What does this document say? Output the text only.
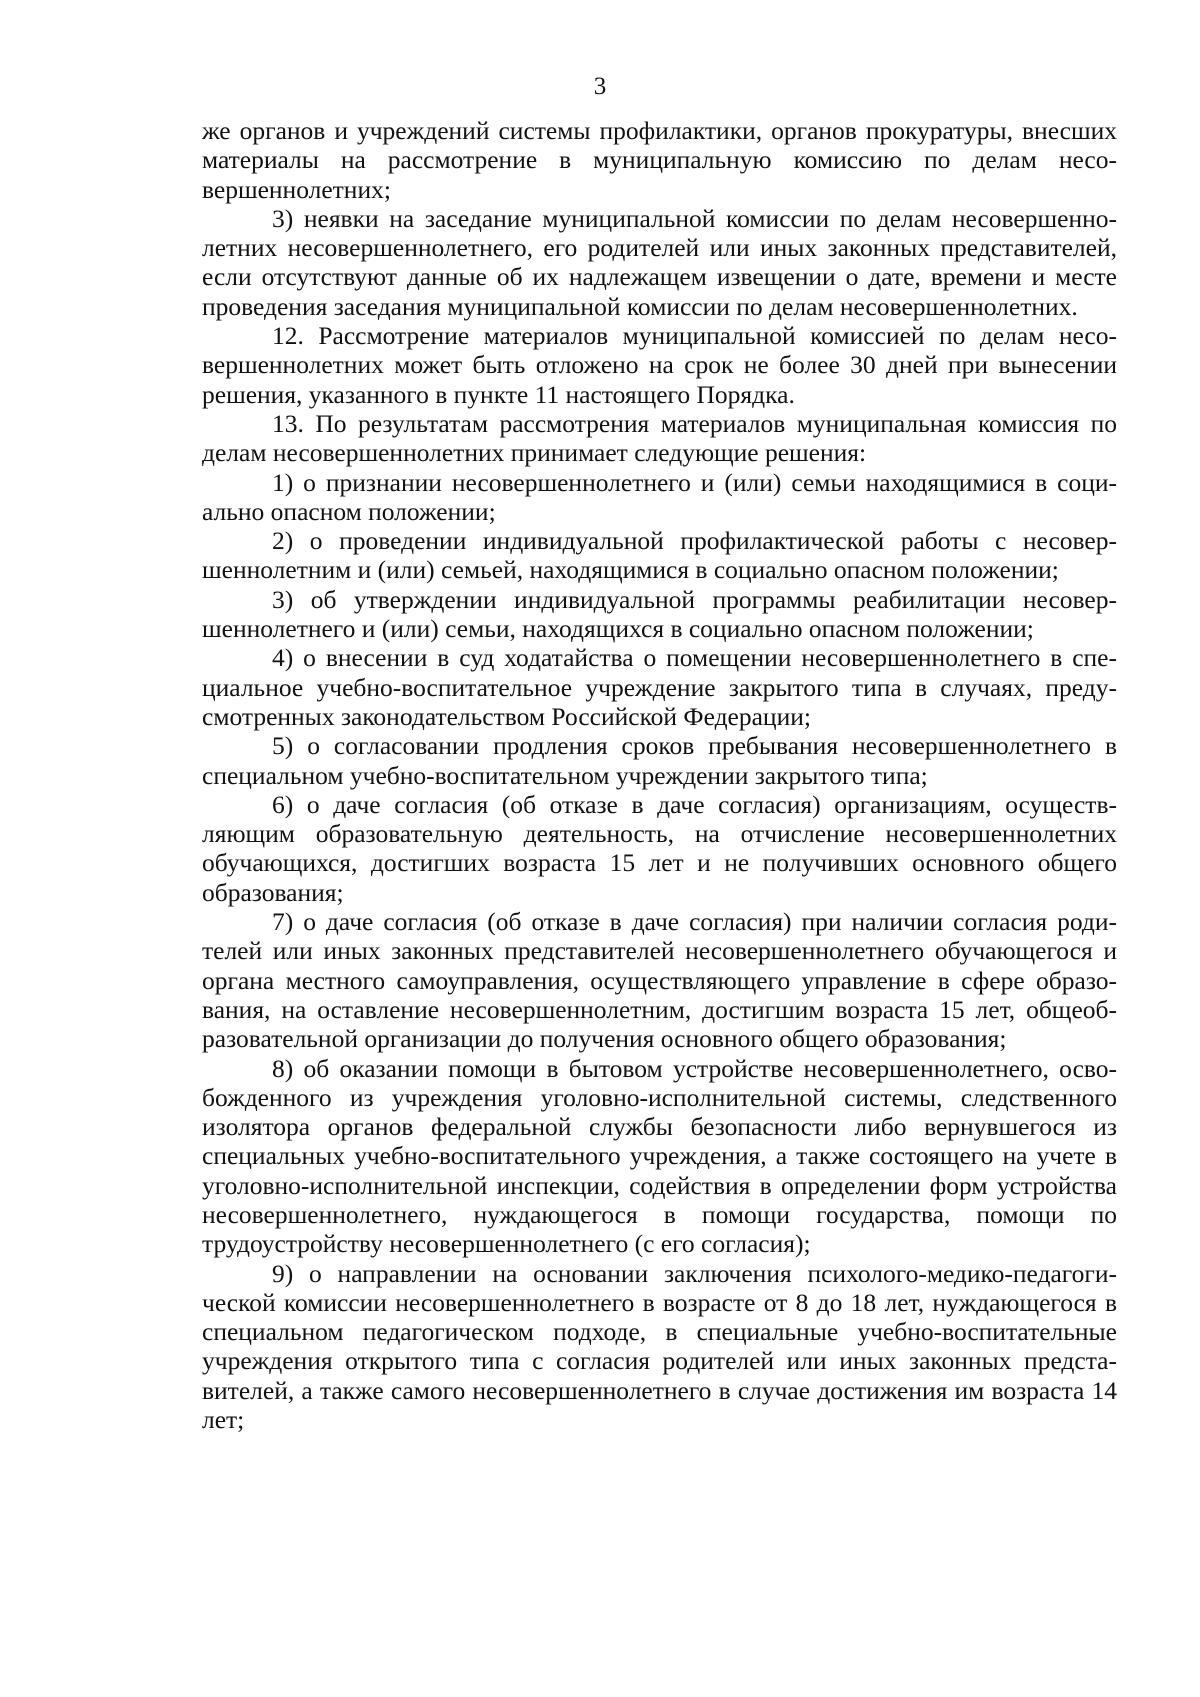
3

же органов и учреждений системы профилактики, органов прокуратуры, внесших материалы на рассмотрение в муниципальную комиссию по делам несовершеннолетних;

3) неявки на заседание муниципальной комиссии по делам несовершеннолетних несовершеннолетнего, его родителей или иных законных представителей, если отсутствуют данные об их надлежащем извещении о дате, времени и месте проведения заседания муниципальной комиссии по делам несовершеннолетних.

12. Рассмотрение материалов муниципальной комиссией по делам несовершеннолетних может быть отложено на срок не более 30 дней при вынесении решения, указанного в пункте 11 настоящего Порядка.

13. По результатам рассмотрения материалов муниципальная комиссия по делам несовершеннолетних принимает следующие решения:

1) о признании несовершеннолетнего и (или) семьи находящимися в социально опасном положении;

2) о проведении индивидуальной профилактической работы с несовершеннолетним и (или) семьей, находящимися в социально опасном положении;

3) об утверждении индивидуальной программы реабилитации несовершеннолетнего и (или) семьи, находящихся в социально опасном положении;

4) о внесении в суд ходатайства о помещении несовершеннолетнего в специальное учебно-воспитательное учреждение закрытого типа в случаях, предусмотренных законодательством Российской Федерации;

5) о согласовании продления сроков пребывания несовершеннолетнего в специальном учебно-воспитательном учреждении закрытого типа;

6) о даче согласия (об отказе в даче согласия) организациям, осуществляющим образовательную деятельность, на отчисление несовершеннолетних обучающихся, достигших возраста 15 лет и не получивших основного общего образования;

7) о даче согласия (об отказе в даче согласия) при наличии согласия родителей или иных законных представителей несовершеннолетнего обучающегося и органа местного самоуправления, осуществляющего управление в сфере образования, на оставление несовершеннолетним, достигшим возраста 15 лет, общеобразовательной организации до получения основного общего образования;

8) об оказании помощи в бытовом устройстве несовершеннолетнего, освобожденного из учреждения уголовно-исполнительной системы, следственного изолятора органов федеральной службы безопасности либо вернувшегося из специальных учебно-воспитательного учреждения, а также состоящего на учете в уголовно-исполнительной инспекции, содействия в определении форм устройства несовершеннолетнего, нуждающегося в помощи государства, помощи по трудоустройству несовершеннолетнего (с его согласия);

9) о направлении на основании заключения психолого-медико-педагогической комиссии несовершеннолетнего в возрасте от 8 до 18 лет, нуждающегося в специальном педагогическом подходе, в специальные учебно-воспитательные учреждения открытого типа с согласия родителей или иных законных представителей, а также самого несовершеннолетнего в случае достижения им возраста 14 лет;
